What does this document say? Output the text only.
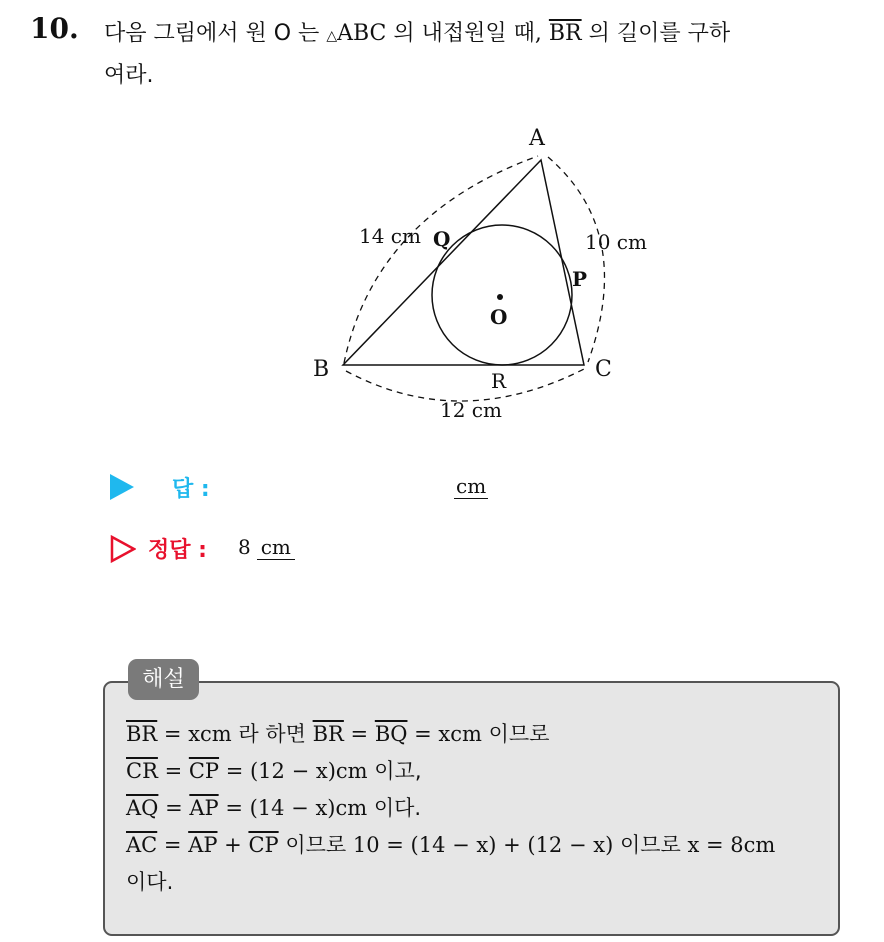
10. 다음 그림에서 원 O 는 △ABC 의 내접원일 때, $\overline{BR}$ 의 길이를 구하
여라.
A
B	C
Q
P
R
O
14 cm	10 cm
12 cm
답 :	cm
정답 : 8 cm
해설
$\overline{BR}$ = xcm 라 하면 $\overline{BR} = \overline{BQ}$ = xcm 이므로
$\overline{CR} = \overline{CP} = (12 - x)cm$ 이고,
$\overline{AQ} = \overline{AP} = (14 - x)cm$ 이다.
$\overline{AC} = \overline{AP} + \overline{CP}$ 이므로 10 = (14 − x) + (12 − x) 이므로 x = 8cm
이다.
